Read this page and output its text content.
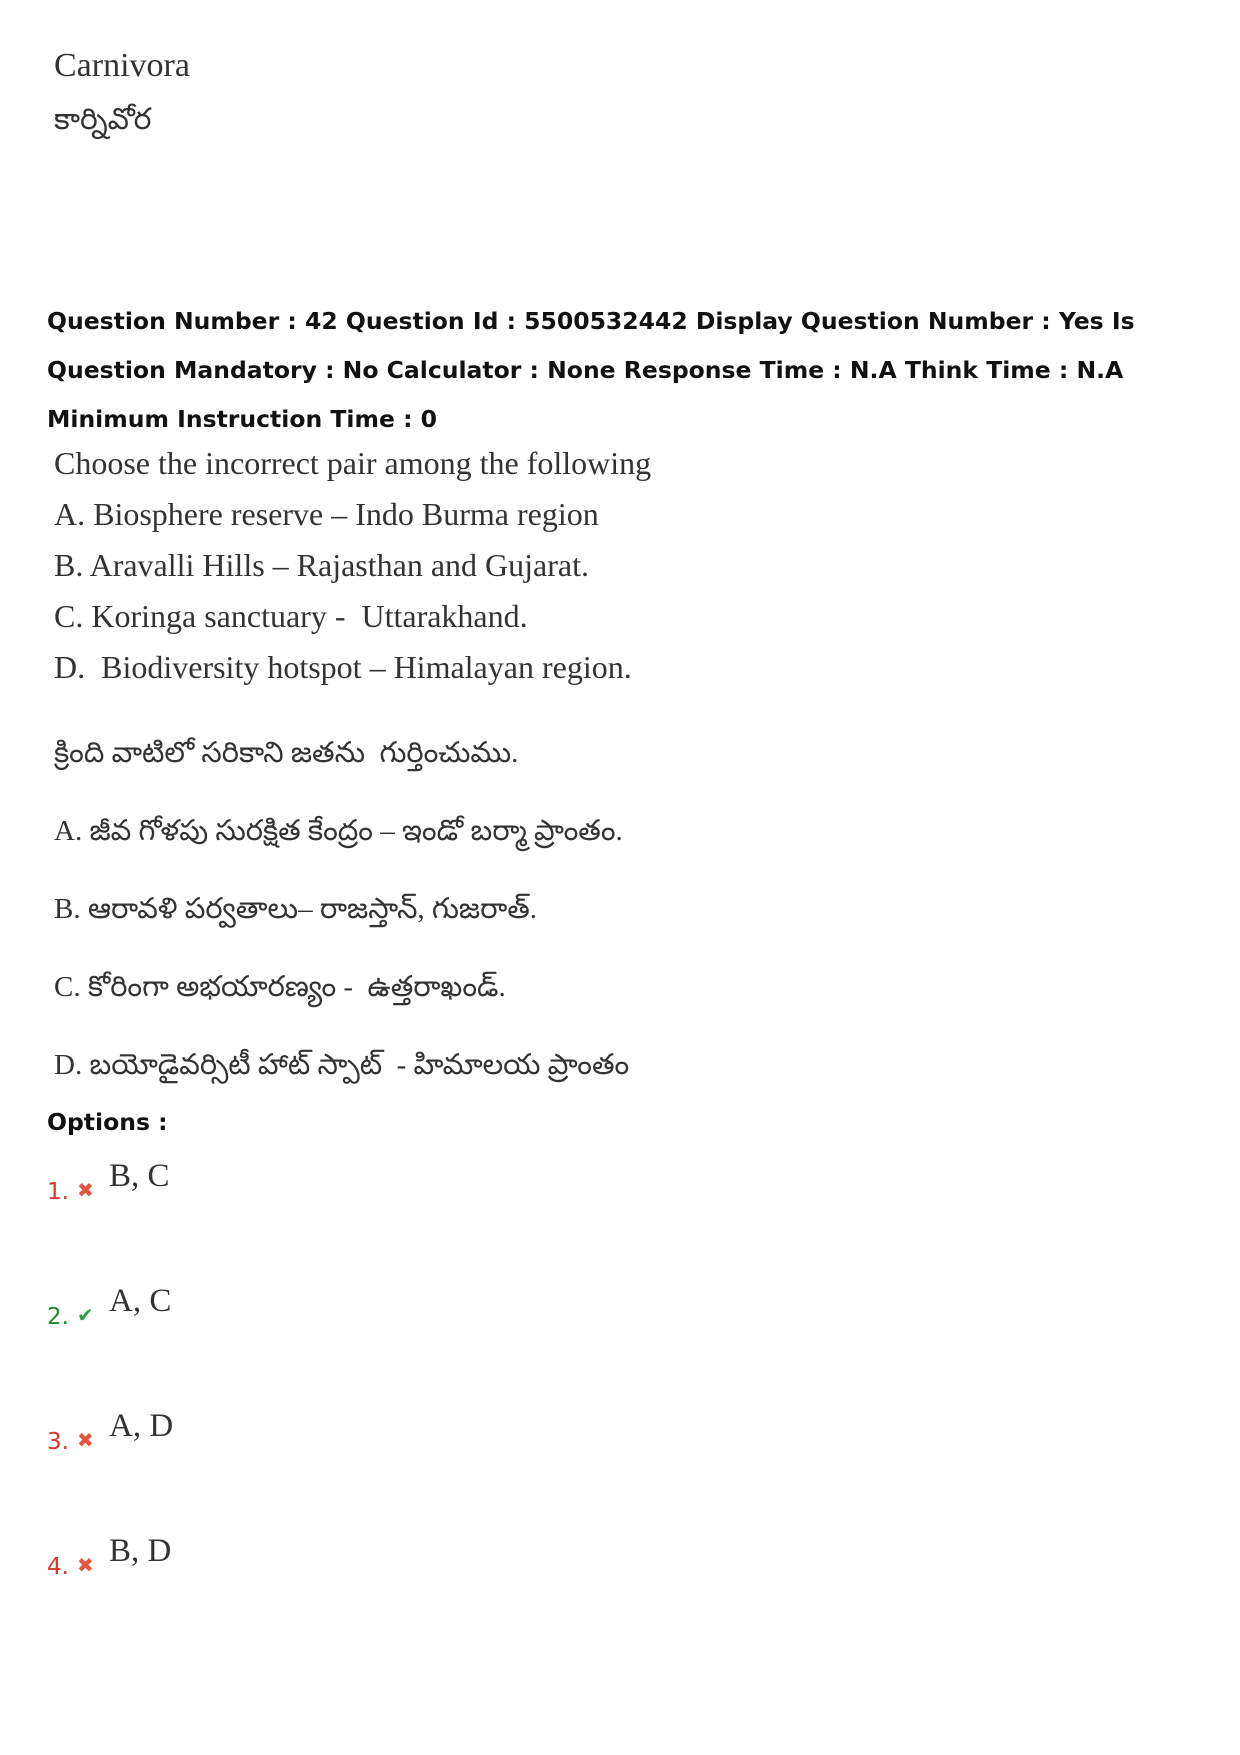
Carnivora
కార్నివోర
Question Number : 42 Question Id : 5500532442 Display Question Number : Yes Is Question Mandatory : No Calculator : None Response Time : N.A Think Time : N.A Minimum Instruction Time : 0
Choose the incorrect pair among the following
A. Biosphere reserve – Indo Burma region
B. Aravalli Hills – Rajasthan and Gujarat.
C. Koringa sanctuary -  Uttarakhand.
D.  Biodiversity hotspot – Himalayan region.
క్రింది వాటిలో సరికాని జతను  గుర్తించుము.
A. జీవ గోళపు సురక్షిత కేంద్రం – ఇండో బర్మా ప్రాంతం.
B. ఆరావళి పర్వతాలు– రాజస్తాన్, గుజరాత్.
C. కోరింగా అభయారణ్యం -  ఉత్తరాఖండ్.
D. బయోడైవర్సిటీ హాట్ స్పాట్  - హిమాలయ ప్రాంతం
Options :
1. ✖ B, C
2. ✔ A, C
3. ✖ A, D
4. ✖ B, D
